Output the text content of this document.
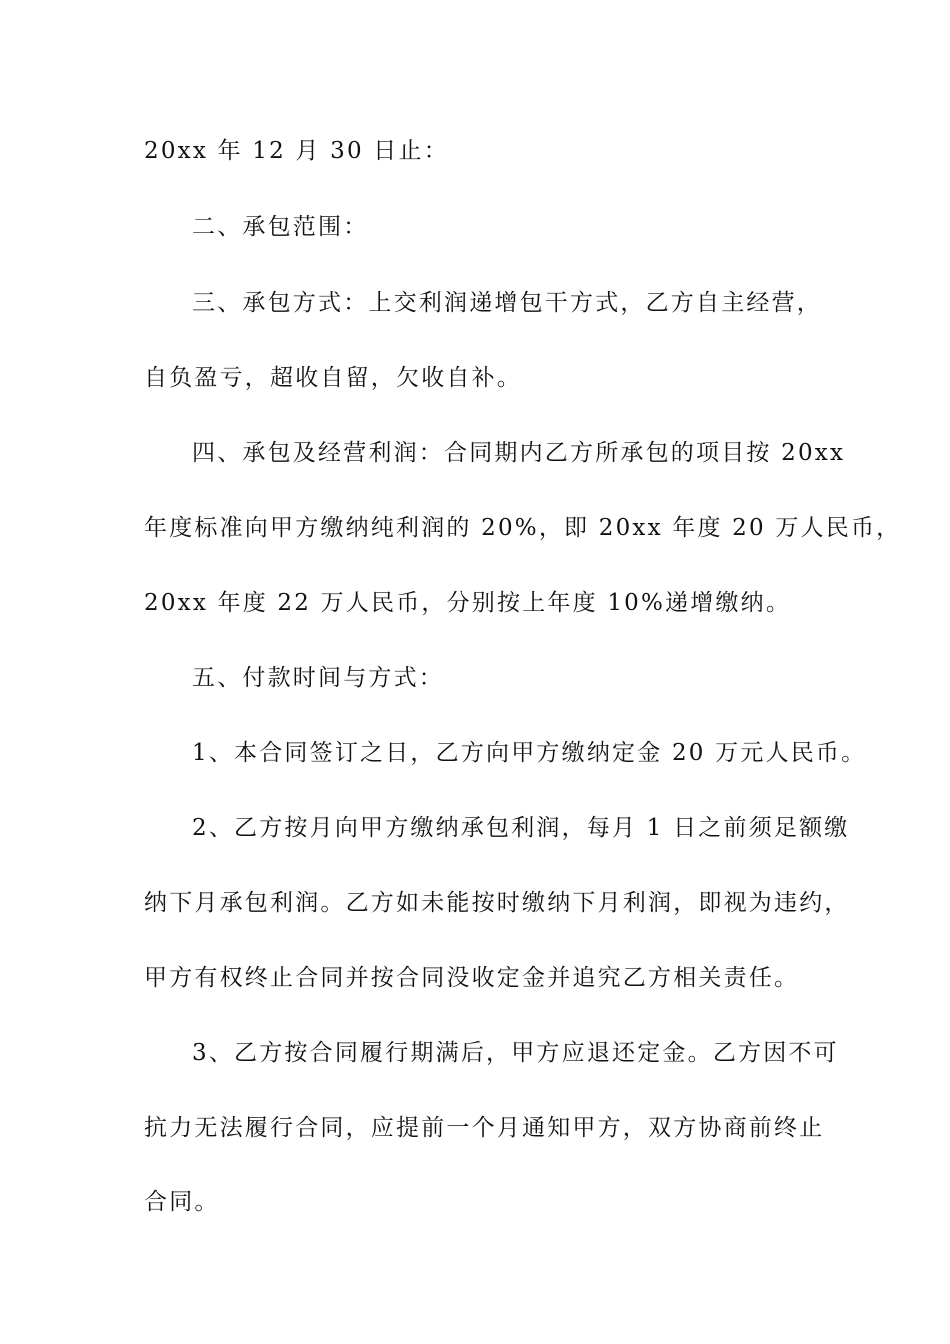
20xx 年 12 月 30 日止：
二、承包范围：
三、承包方式：上交利润递增包干方式，乙方自主经营，
自负盈亏，超收自留，欠收自补。
四、承包及经营利润：合同期内乙方所承包的项目按 20xx
年度标准向甲方缴纳纯利润的 20%，即 20xx 年度 20 万人民币，
20xx 年度 22 万人民币，分别按上年度 10%递增缴纳。
五、付款时间与方式：
1、本合同签订之日，乙方向甲方缴纳定金 20 万元人民币。
2、乙方按月向甲方缴纳承包利润，每月 1 日之前须足额缴
纳下月承包利润。乙方如未能按时缴纳下月利润，即视为违约，
甲方有权终止合同并按合同没收定金并追究乙方相关责任。
3、乙方按合同履行期满后，甲方应退还定金。乙方因不可
抗力无法履行合同，应提前一个月通知甲方，双方协商前终止
合同。
